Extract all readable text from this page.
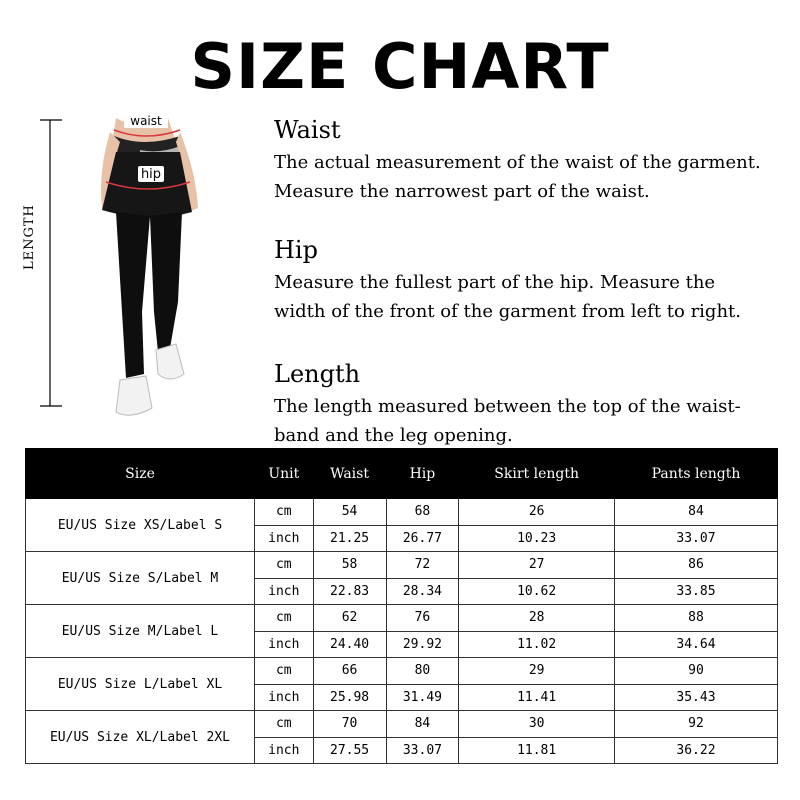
SIZE CHART
waist
hip
LENGTH
Waist

The actual measurement of the waist of the garment.

Measure the narrowest part of the waist.

Hip

Measure the fullest part of the hip. Measure the

width of the front of the garment from left to right.

Length

The length measured between the top of the waist-

band and the leg opening.

Size	Unit	Waist	Hip	Skirt length	Pants length
EU/US Size XS/Label S	cm	54	68	26	84
	inch	21.25	26.77	10.23	33.07
EU/US Size S/Label M	cm	58	72	27	86
	inch	22.83	28.34	10.62	33.85
EU/US Size M/Label L	cm	62	76	28	88
	inch	24.40	29.92	11.02	34.64
EU/US Size L/Label XL	cm	66	80	29	90
	inch	25.98	31.49	11.41	35.43
EU/US Size XL/Label 2XL	cm	70	84	30	92
	inch	27.55	33.07	11.81	36.22
